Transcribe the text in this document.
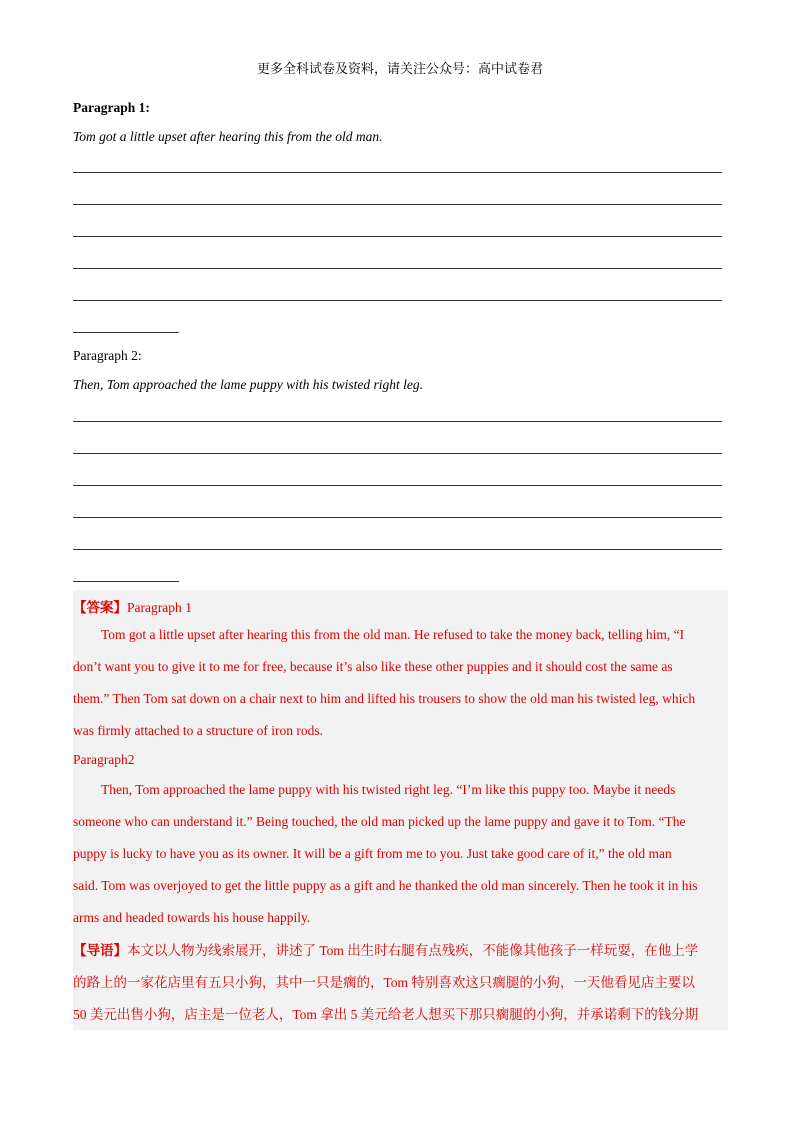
更多全科试卷及资料，请关注公众号：高中试卷君
Paragraph 1:
Tom got a little upset after hearing this from the old man.
Paragraph 2:
Then, Tom approached the lame puppy with his twisted right leg.
【答案】Paragraph 1
Tom got a little upset after hearing this from the old man. He refused to take the money back, telling him, “I
don’t want you to give it to me for free, because it’s also like these other puppies and it should cost the same as
them.” Then Tom sat down on a chair next to him and lifted his trousers to show the old man his twisted leg, which
was firmly attached to a structure of iron rods.
Paragraph2
Then, Tom approached the lame puppy with his twisted right leg. “I’m like this puppy too. Maybe it needs
someone who can understand it.” Being touched, the old man picked up the lame puppy and gave it to Tom. “The
puppy is lucky to have you as its owner. It will be a gift from me to you. Just take good care of it,” the old man
said. Tom was overjoyed to get the little puppy as a gift and he thanked the old man sincerely. Then he took it in his
arms and headed towards his house happily.
【导语】本文以人物为线索展开，讲述了 Tom 出生时右腿有点残疾，不能像其他孩子一样玩耍，在他上学
的路上的一家花店里有五只小狗，其中一只是瘸的，Tom 特别喜欢这只瘸腿的小狗，一天他看见店主要以
50 美元出售小狗，店主是一位老人，Tom 拿出 5 美元给老人想买下那只瘸腿的小狗，并承诺剩下的钱分期
